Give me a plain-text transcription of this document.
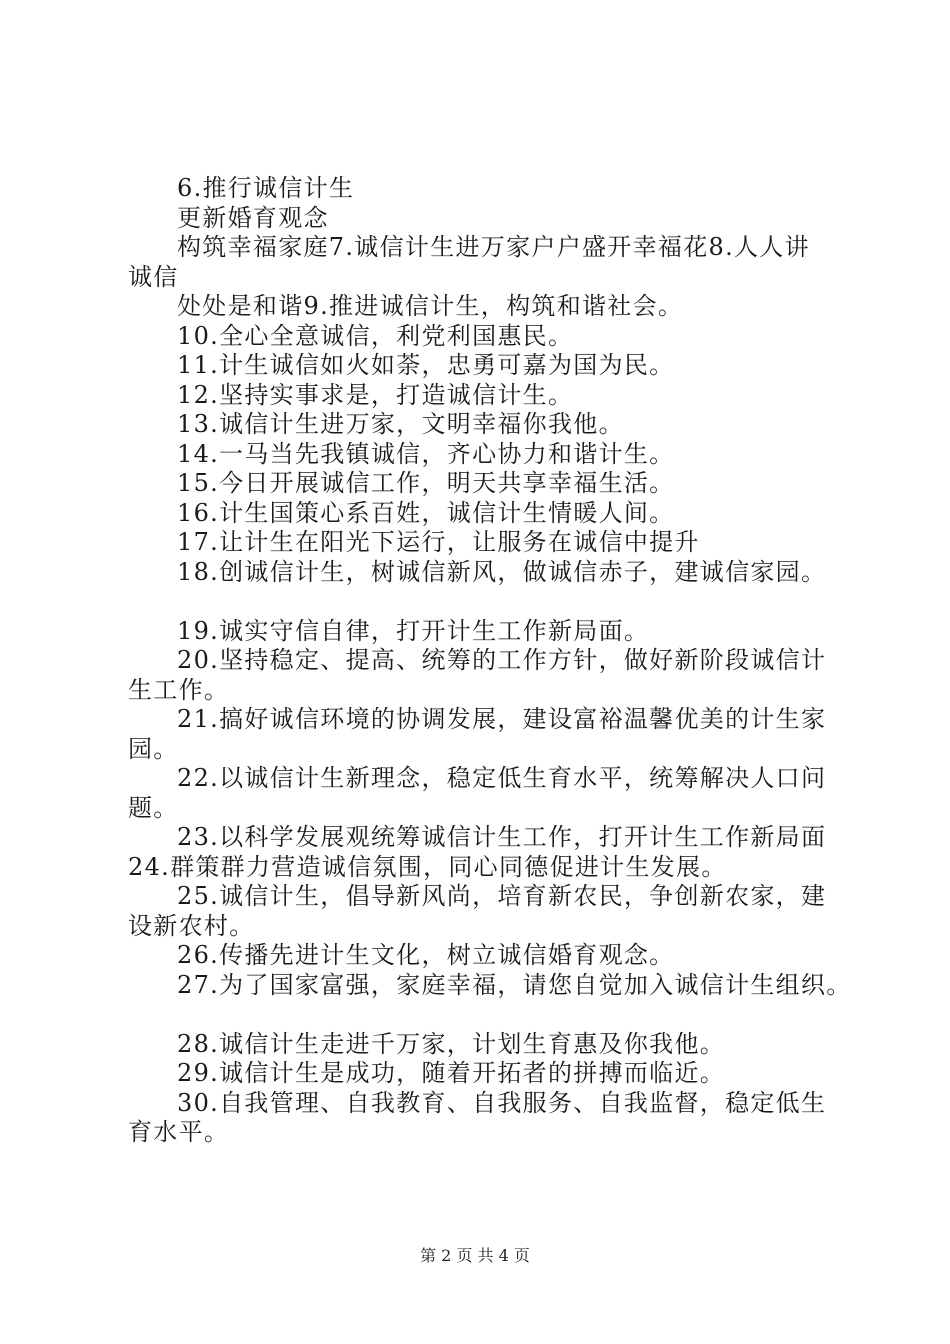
6.推行诚信计生
更新婚育观念
构筑幸福家庭7.诚信计生进万家户户盛开幸福花8.人人讲
诚信
处处是和谐9.推进诚信计生，构筑和谐社会。
10.全心全意诚信，利党利国惠民。
11.计生诚信如火如荼，忠勇可嘉为国为民。
12.坚持实事求是，打造诚信计生。
13.诚信计生进万家，文明幸福你我他。
14.一马当先我镇诚信，齐心协力和谐计生。
15.今日开展诚信工作，明天共享幸福生活。
16.计生国策心系百姓，诚信计生情暖人间。
17.让计生在阳光下运行，让服务在诚信中提升
18.创诚信计生，树诚信新风，做诚信赤子，建诚信家园。
19.诚实守信自律，打开计生工作新局面。
20.坚持稳定、提高、统筹的工作方针，做好新阶段诚信计
生工作。
21.搞好诚信环境的协调发展，建设富裕温馨优美的计生家
园。
22.以诚信计生新理念，稳定低生育水平，统筹解决人口问
题。
23.以科学发展观统筹诚信计生工作，打开计生工作新局面
24.群策群力营造诚信氛围，同心同德促进计生发展。
25.诚信计生，倡导新风尚，培育新农民，争创新农家，建
设新农村。
26.传播先进计生文化，树立诚信婚育观念。
27.为了国家富强，家庭幸福，请您自觉加入诚信计生组织。
28.诚信计生走进千万家，计划生育惠及你我他。
29.诚信计生是成功，随着开拓者的拼搏而临近。
30.自我管理、自我教育、自我服务、自我监督，稳定低生
育水平。
第 2 页 共 4 页
